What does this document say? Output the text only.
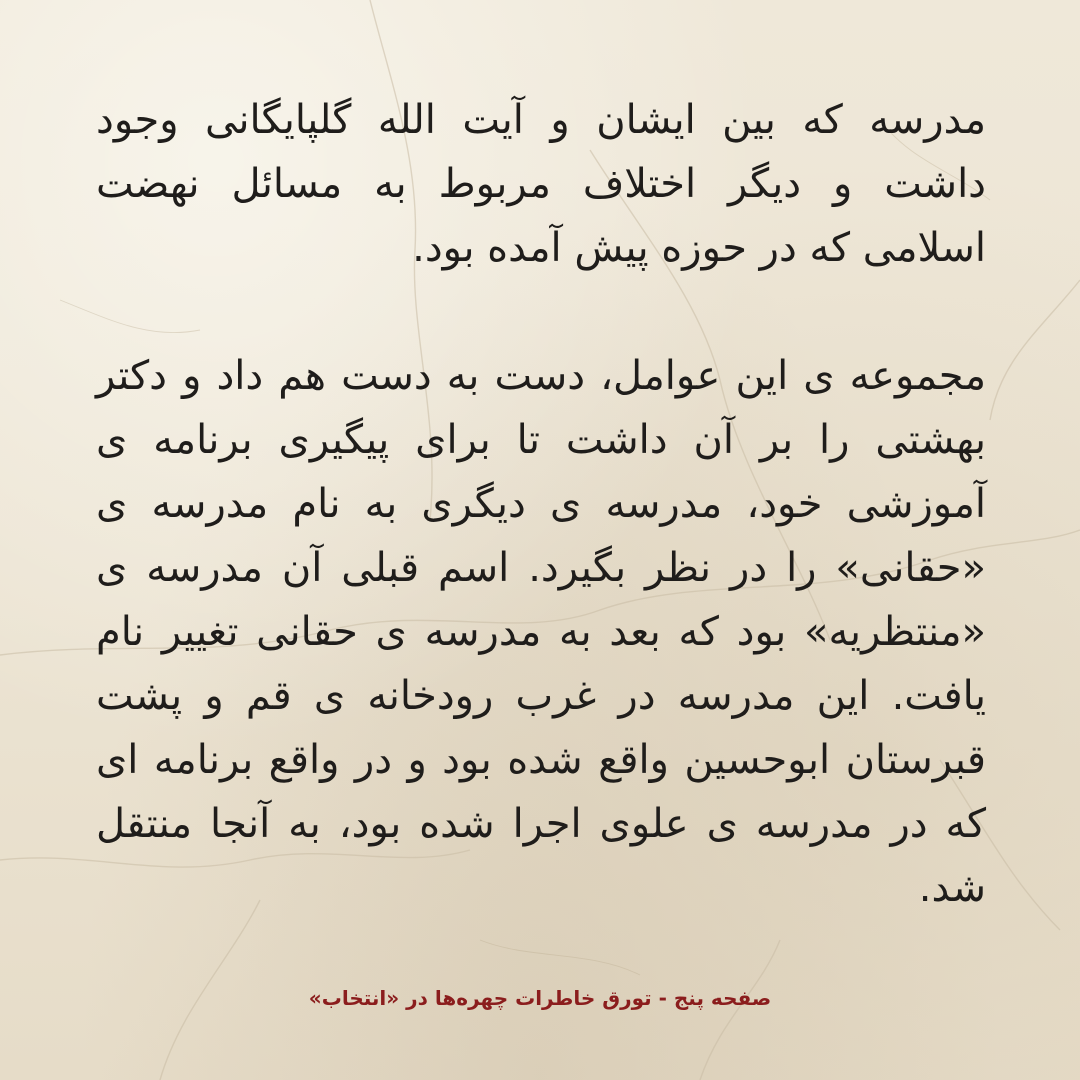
مدرسه که بین ایشان و آیت الله گلپایگانی وجود داشت و دیگر اختلاف مربوط به مسائل نهضت اسلامی که در حوزه پیش آمده بود.

مجموعه ی این عوامل، دست به دست هم داد و دکتر بهشتی را بر آن داشت تا برای پیگیری برنامه ی آموزشی خود، مدرسه ی دیگری به نام مدرسه ی «حقانی» را در نظر بگیرد. اسم قبلی آن مدرسه ی «منتظریه» بود که بعد به مدرسه ی حقانی تغییر نام یافت. این مدرسه در غرب رودخانه ی قم و پشت قبرستان ابوحسین واقع شده بود و در واقع برنامه ای که در مدرسه ی علوی اجرا شده بود، به آنجا منتقل شد.

صفحه پنج - تورق خاطرات چهره‌ها در «انتخاب»
